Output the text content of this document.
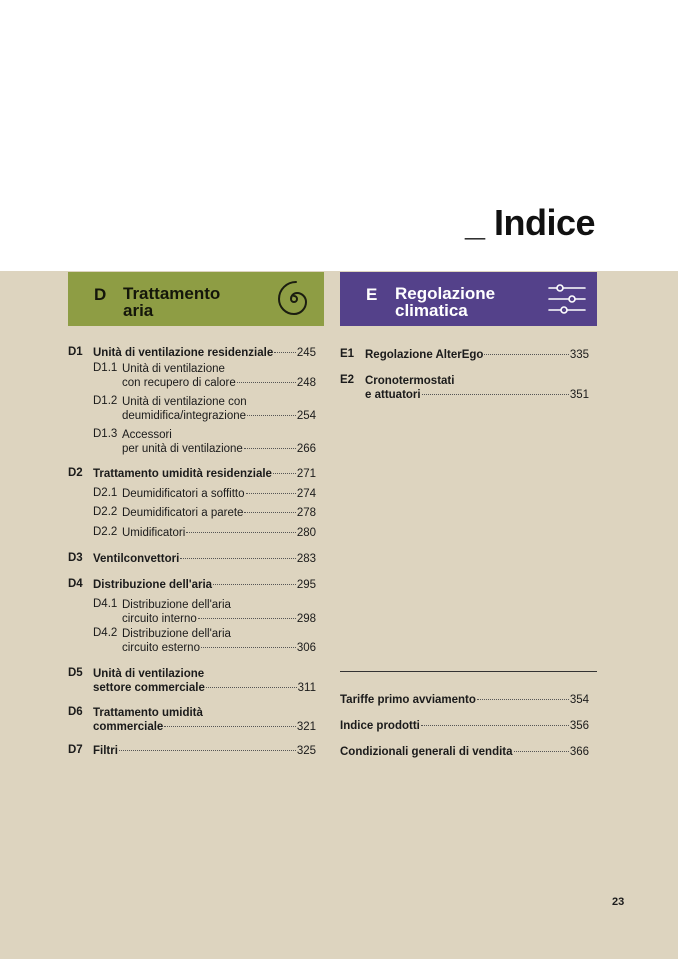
_ Indice
D Trattamento
aria
E Regolazione
climatica
D1 Unità di ventilazione residenziale 245
D1.1 Unità di ventilazione
con recupero di calore	248
D1.2 Unità di ventilazione con
deumidifica/integrazione	254
D1.3 Accessori
per unità di ventilazione	266
D2 Trattamento umidità residenziale 271
D2.1 Deumidificatori a soffitto	274
D2.2 Deumidificatori a parete	278
D2.2 Umidificatori	280
D3 Ventilconvettori	283
D4 Distribuzione dell'aria	295
D4.1 Distribuzione dell'aria
circuito interno	298
D4.2 Distribuzione dell'aria
circuito esterno	306
D5 Unità di ventilazione
settore commerciale	311
D6 Trattamento umidità
commerciale	321
D7 Filtri	325
E1 Regolazione AlterEgo	335
E2 Cronotermostati
e attuatori	351
Tariffe primo avviamento	354
Indice prodotti	356
Condizionali generali di vendita	366
23
